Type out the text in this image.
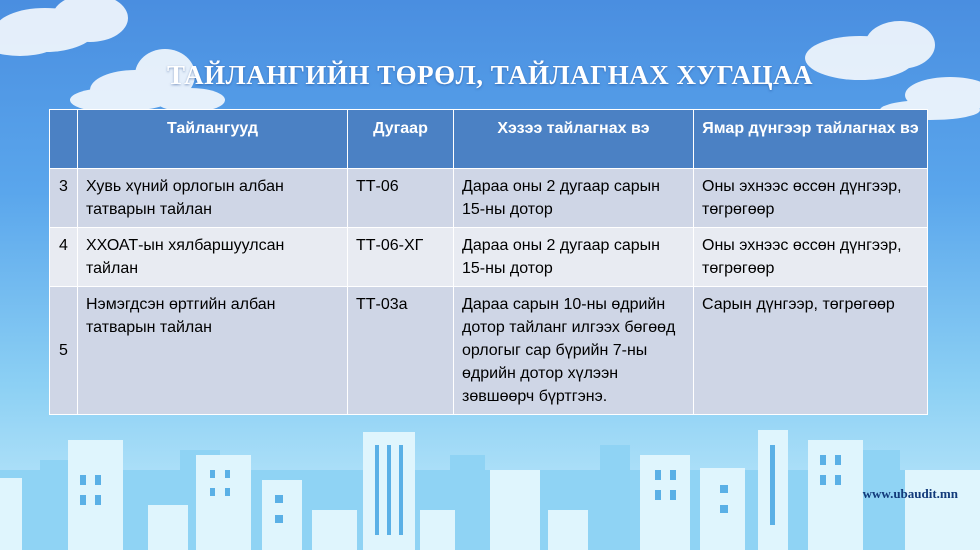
ТАЙЛАНГИЙН ТӨРӨЛ, ТАЙЛАГНАХ ХУГАЦАА
	Тайлангууд	Дугаар	Хэзээ тайлагнах вэ	Ямар дүнгээр тайлагнах вэ
3	Хувь хүний орлогын албан татварын тайлан	ТТ-06	Дараа оны 2 дугаар сарын 15-ны дотор	Оны эхнээс өссөн дүнгээр, төгрөгөөр
4	ХХОАТ-ын хялбаршуулсан тайлан	ТТ-06-ХГ	Дараа оны 2 дугаар сарын 15-ны дотор	Оны эхнээс өссөн дүнгээр, төгрөгөөр
5	Нэмэгдсэн өртгийн албан татварын тайлан	ТТ-03а	Дараа сарын 10-ны өдрийн дотор тайланг илгээх бөгөөд орлогыг сар бүрийн 7-ны өдрийн дотор хүлээн зөвшөөрч бүртгэнэ.	Сарын дүнгээр, төгрөгөөр
www.ubaudit.mn
